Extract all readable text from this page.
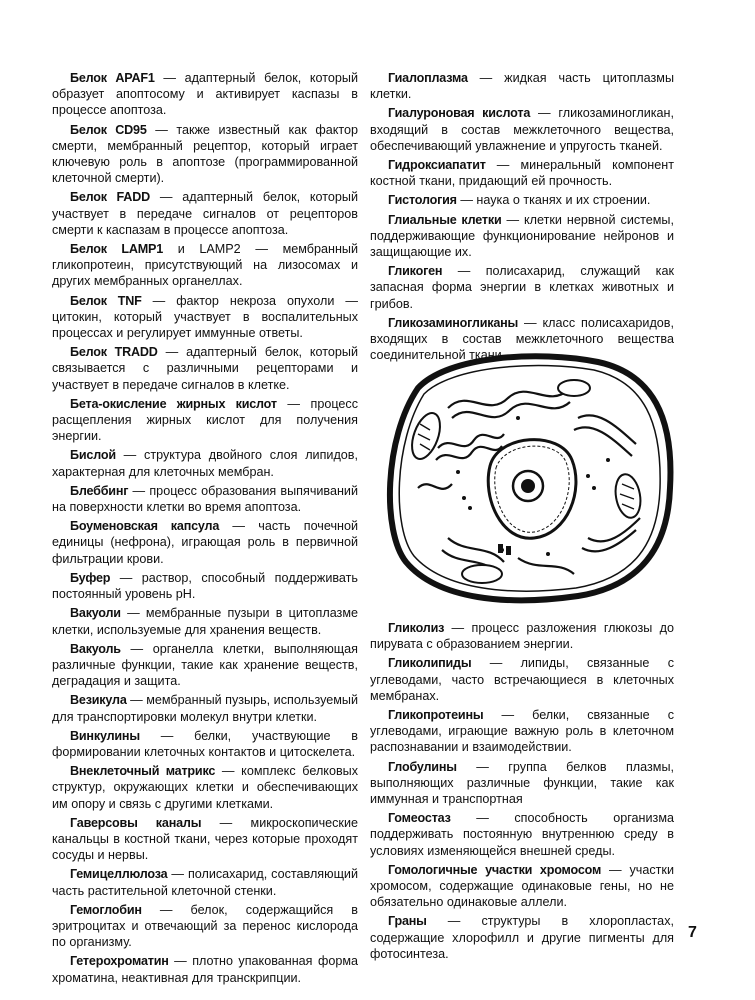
Белок APAF1 — адаптерный белок, который образует апоптосому и активирует каспазы в процессе апоптоза.

Белок CD95 — также известный как фактор смерти, мембранный рецептор, который играет ключевую роль в апоптозе (программированной клеточной смерти).

Белок FADD — адаптерный белок, который участвует в передаче сигналов от рецепторов смерти к каспазам в процессе апоптоза.

Белок LAMP1 и LAMP2 — мембранный гликопротеин, присутствующий на лизосомах и других мембранных органеллах.

Белок TNF — фактор некроза опухоли — цитокин, который участвует в воспалительных процессах и регулирует иммунные ответы.

Белок TRADD — адаптерный белок, который связывается с различными рецепторами и участвует в передаче сигналов в клетке.

Бета-окисление жирных кислот — процесс расщепления жирных кислот для получения энергии.

Бислой — структура двойного слоя липидов, характерная для клеточных мембран.

Блеббинг — процесс образования выпячиваний на поверхности клетки во время апоптоза.

Боуменовская капсула — часть почечной единицы (нефрона), играющая роль в первичной фильтрации крови.

Буфер — раствор, способный поддерживать постоянный уровень pH.

Вакуоли — мембранные пузыри в цитоплазме клетки, используемые для хранения веществ.

Вакуоль — органелла клетки, выполняющая различные функции, такие как хранение веществ, деградация и защита.

Везикула — мембранный пузырь, используемый для транспортировки молекул внутри клетки.

Винкулины — белки, участвующие в формировании клеточных контактов и цитоскелета.

Внеклеточный матрикс — комплекс белковых структур, окружающих клетки и обеспечивающих им опору и связь с другими клетками.

Гаверсовы каналы — микроскопические канальцы в костной ткани, через которые проходят сосуды и нервы.

Гемицеллюлоза — полисахарид, составляющий часть растительной клеточной стенки.

Гемоглобин — белок, содержащийся в эритроцитах и отвечающий за перенос кислорода по организму.

Гетерохроматин — плотно упакованная форма хроматина, неактивная для транскрипции.

Гиалоплазма — жидкая часть цитоплазмы клетки.

Гиалуроновая кислота — гликозаминогликан, входящий в состав межклеточного вещества, обеспечивающий увлажнение и упругость тканей.

Гидроксиапатит — минеральный компонент костной ткани, придающий ей прочность.

Гистология — наука о тканях и их строении.

Глиальные клетки — клетки нервной системы, поддерживающие функционирование нейронов и защищающие их.

Гликоген — полисахарид, служащий как запасная форма энергии в клетках животных и грибов.

Гликозаминогликаны — класс полисахаридов, входящих в состав межклеточного вещества соединительной ткани.

Гликолиз — процесс разложения глюкозы до пирувата с образованием энергии.

Гликолипиды — липиды, связанные с углеводами, часто встречающиеся в клеточных мембранах.

Гликопротеины — белки, связанные с углеводами, играющие важную роль в клеточном распознавании и взаимодействии.

Глобулины — группа белков плазмы, выполняющих различные функции, такие как иммунная и транспортная

Гомеостаз — способность организма поддерживать постоянную внутреннюю среду в условиях изменяющейся внешней среды.

Гомологичные участки хромосом — участки хромосом, содержащие одинаковые гены, но не обязательно одинаковые аллели.

Граны — структуры в хлоропластах, содержащие хлорофилл и другие пигменты для фотосинтеза.

7
